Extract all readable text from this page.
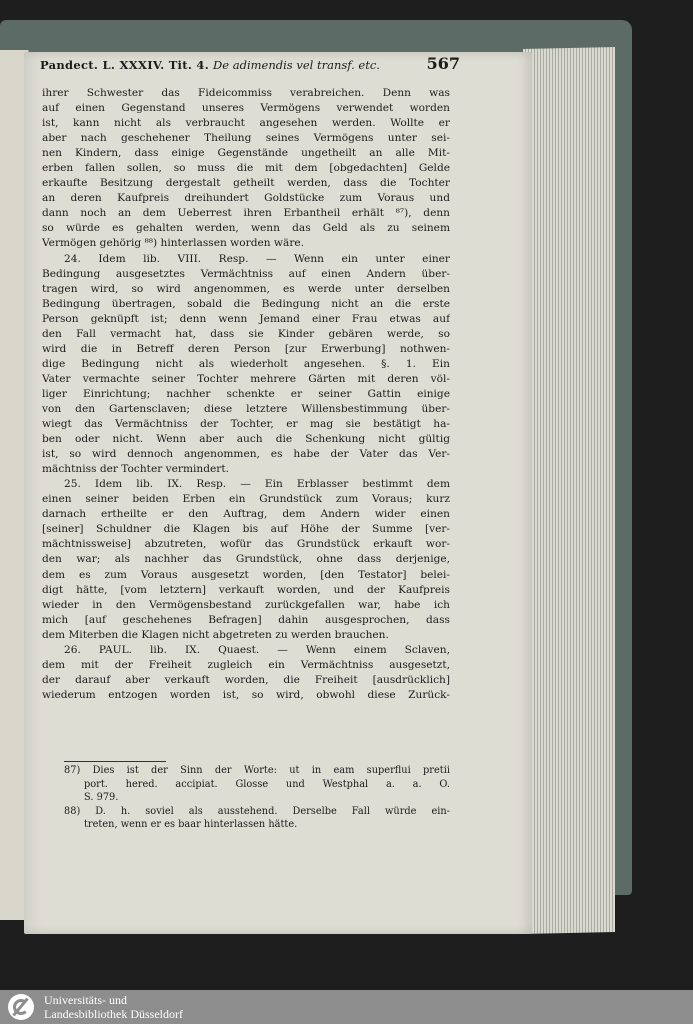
Pandect. L. XXXIV. Tit. 4. De adimendis vel transf. etc.	567
ihrer Schwester das Fideicommiss verabreichen. Denn was
auf einen Gegenstand unseres Vermögens verwendet worden
ist, kann nicht als verbraucht angesehen werden. Wollte er
aber nach geschehener Theilung seines Vermögens unter sei-
nen Kindern, dass einige Gegenstände ungetheilt an alle Mit-
erben fallen sollen, so muss die mit dem [obgedachten] Gelde
erkaufte Besitzung dergestalt getheilt werden, dass die Tochter
an deren Kaufpreis dreihundert Goldstücke zum Voraus und
dann noch an dem Ueberrest ihren Erbantheil erhält ⁸⁷), denn
so würde es gehalten werden, wenn das Geld als zu seinem
Vermögen gehörig ⁸⁸) hinterlassen worden wäre.
24. Idem lib. VIII. Resp. — Wenn ein unter einer
Bedingung ausgesetztes Vermächtniss auf einen Andern über-
tragen wird, so wird angenommen, es werde unter derselben
Bedingung übertragen, sobald die Bedingung nicht an die erste
Person geknüpft ist; denn wenn Jemand einer Frau etwas auf
den Fall vermacht hat, dass sie Kinder gebären werde, so
wird die in Betreff deren Person [zur Erwerbung] nothwen-
dige Bedingung nicht als wiederholt angesehen. §. 1. Ein
Vater vermachte seiner Tochter mehrere Gärten mit deren völ-
liger Einrichtung; nachher schenkte er seiner Gattin einige
von den Gartensclaven; diese letztere Willensbestimmung über-
wiegt das Vermächtniss der Tochter, er mag sie bestätigt ha-
ben oder nicht. Wenn aber auch die Schenkung nicht gültig
ist, so wird dennoch angenommen, es habe der Vater das Ver-
mächtniss der Tochter vermindert.
25. Idem lib. IX. Resp. — Ein Erblasser bestimmt dem
einen seiner beiden Erben ein Grundstück zum Voraus; kurz
darnach ertheilte er den Auftrag, dem Andern wider einen
[seiner] Schuldner die Klagen bis auf Höhe der Summe [ver-
mächtnissweise] abzutreten, wofür das Grundstück erkauft wor-
den war; als nachher das Grundstück, ohne dass derjenige,
dem es zum Voraus ausgesetzt worden, [den Testator] belei-
digt hätte, [vom letztern] verkauft worden, und der Kaufpreis
wieder in den Vermögensbestand zurückgefallen war, habe ich
mich [auf geschehenes Befragen] dahin ausgesprochen, dass
dem Miterben die Klagen nicht abgetreten zu werden brauchen.
26. PAUL. lib. IX. Quaest. — Wenn einem Sclaven,
dem mit der Freiheit zugleich ein Vermächtniss ausgesetzt,
der darauf aber verkauft worden, die Freiheit [ausdrücklich]
wiederum entzogen worden ist, so wird, obwohl diese Zurück-
87) Dies ist der Sinn der Worte: ut in eam superflui pretii
port. hered. accipiat. Glosse und Westphal a. a. O.
S. 979.
88) D. h. soviel als ausstehend. Derselbe Fall würde ein-
treten, wenn er es baar hinterlassen hätte.
Universitäts- und
Landesbibliothek Düsseldorf
